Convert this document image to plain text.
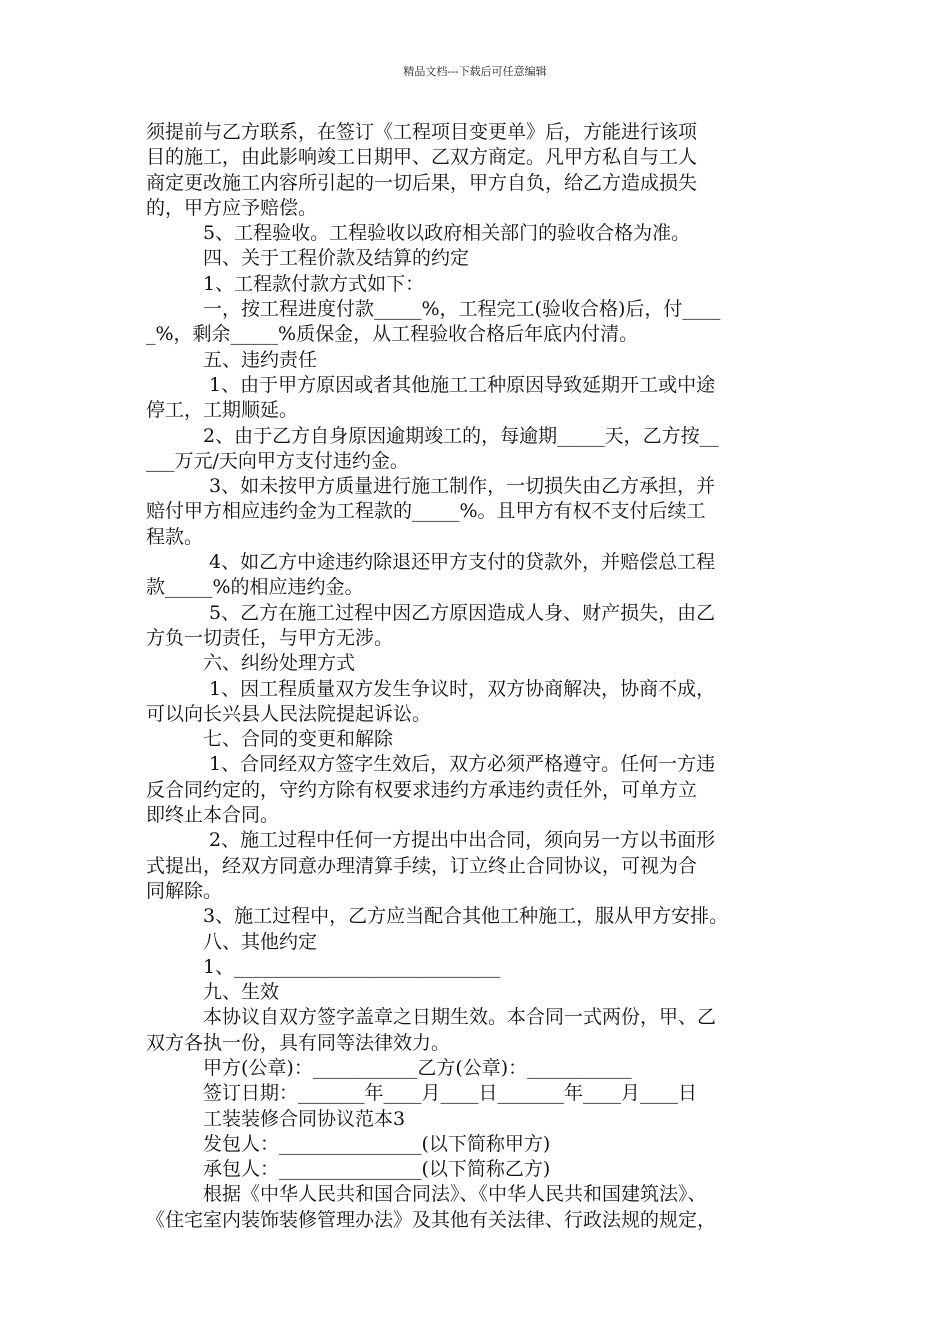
精品文档---下载后可任意编辑
须提前与乙方联系，在签订《工程项目变更单》后，方能进行该项
目的施工，由此影响竣工日期甲、乙双方商定。凡甲方私自与工人
商定更改施工内容所引起的一切后果，甲方自负，给乙方造成损失
的，甲方应予赔偿。
5、工程验收。工程验收以政府相关部门的验收合格为准。
四、关于工程价款及结算的约定
1、工程款付款方式如下：
一，按工程进度付款_____%，工程完工(验收合格)后，付____
_%，剩余_____%质保金，从工程验收合格后年底内付清。
五、违约责任
1、由于甲方原因或者其他施工工种原因导致延期开工或中途
停工，工期顺延。
2、由于乙方自身原因逾期竣工的，每逾期_____天，乙方按__
___万元/天向甲方支付违约金。
3、如未按甲方质量进行施工制作，一切损失由乙方承担，并
赔付甲方相应违约金为工程款的_____%。且甲方有权不支付后续工
程款。
4、如乙方中途违约除退还甲方支付的贷款外，并赔偿总工程
款_____%的相应违约金。
5、乙方在施工过程中因乙方原因造成人身、财产损失，由乙
方负一切责任，与甲方无涉。
六、纠纷处理方式
1、因工程质量双方发生争议时，双方协商解决，协商不成，
可以向长兴县人民法院提起诉讼。
七、合同的变更和解除
1、合同经双方签字生效后，双方必须严格遵守。任何一方违
反合同约定的，守约方除有权要求违约方承违约责任外，可单方立
即终止本合同。
2、施工过程中任何一方提出中出合同，须向另一方以书面形
式提出，经双方同意办理清算手续，订立终止合同协议，可视为合
同解除。
3、施工过程中，乙方应当配合其他工种施工，服从甲方安排。
八、其他约定
1、____________________________
九、生效
本协议自双方签字盖章之日期生效。本合同一式两份，甲、乙
双方各执一份，具有同等法律效力。
甲方(公章)：___________乙方(公章)：___________
签订日期：_______年____月____日_______年____月____日
工装装修合同协议范本3
发包人：_______________(以下简称甲方)
承包人：_______________(以下简称乙方)
根据《中华人民共和国合同法》、《中华人民共和国建筑法》、
《住宅室内装饰装修管理办法》及其他有关法律、行政法规的规定，
